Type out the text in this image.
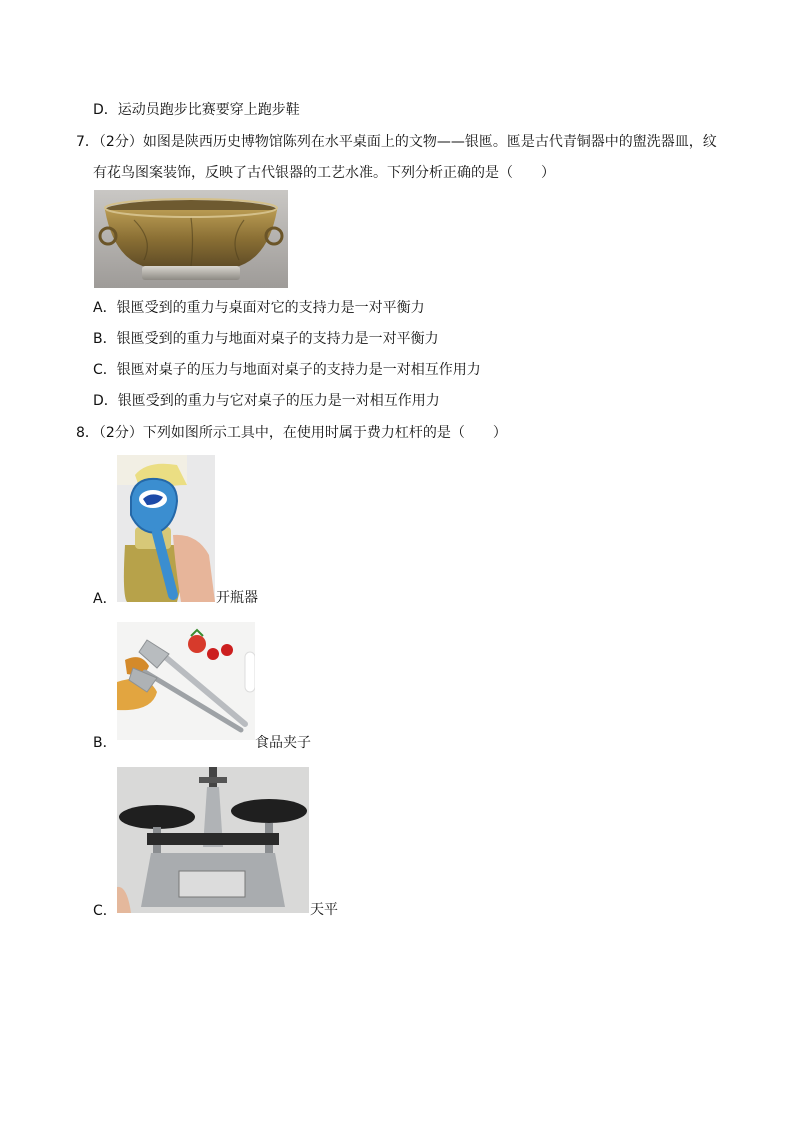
D．运动员跑步比赛要穿上跑步鞋
7．（2分）如图是陕西历史博物馆陈列在水平桌面上的文物——银匜。匜是古代青铜器中的盥洗器皿，纹
有花鸟图案装饰，反映了古代银器的工艺水准。下列分析正确的是（　　）
A．银匜受到的重力与桌面对它的支持力是一对平衡力
B．银匜受到的重力与地面对桌子的支持力是一对平衡力
C．银匜对桌子的压力与地面对桌子的支持力是一对相互作用力
D．银匜受到的重力与它对桌子的压力是一对相互作用力
8．（2分）下列如图所示工具中，在使用时属于费力杠杆的是（　　）
A．	开瓶器
B．	食品夹子
C．	天平
